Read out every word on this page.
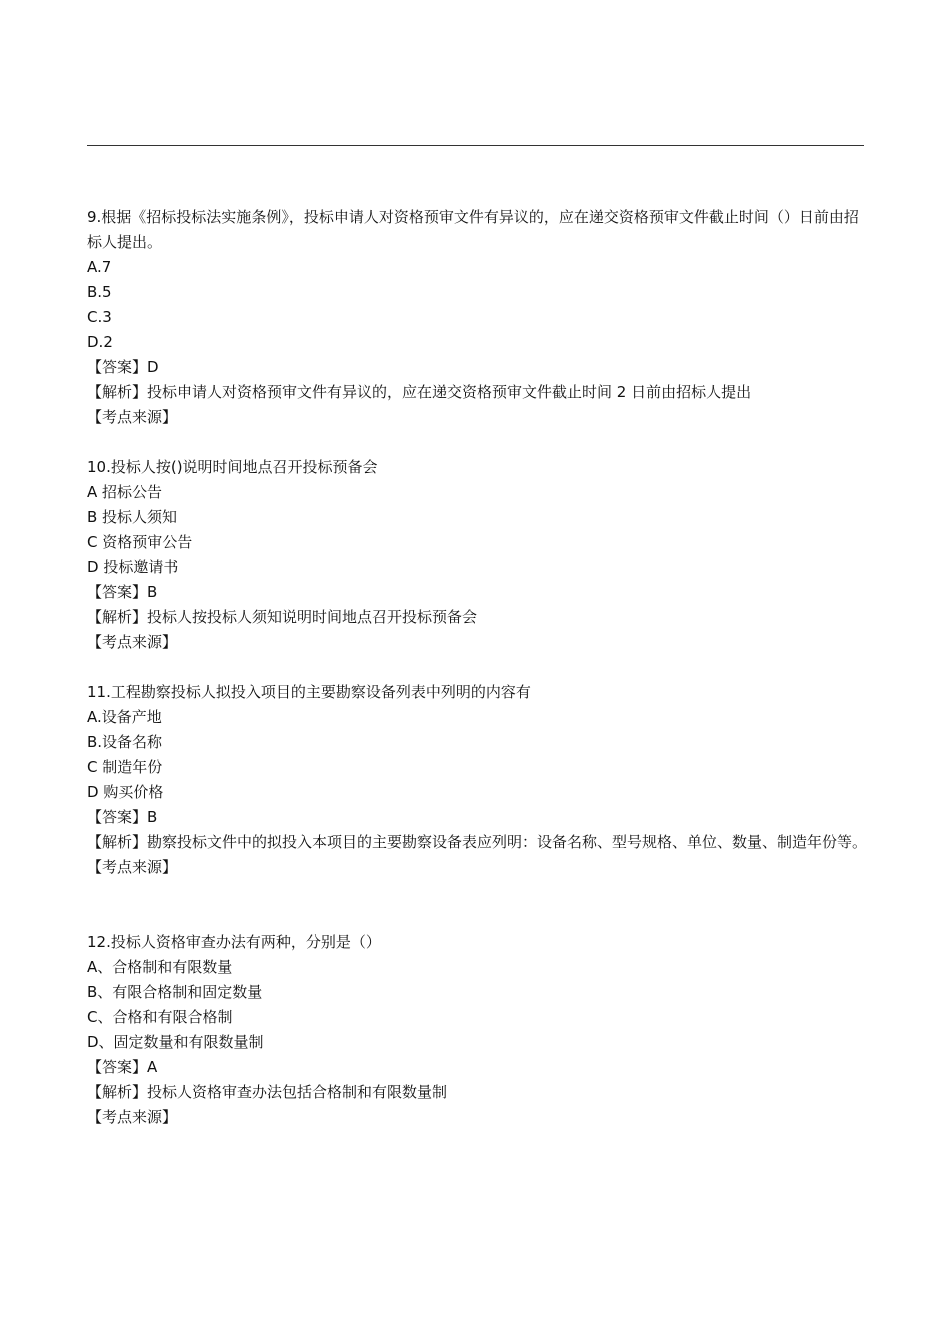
9.根据《招标投标法实施条例》，投标申请人对资格预审文件有异议的，应在递交资格预审文件截止时间（）日前由招标人提出。
A.7
B.5
C.3
D.2
【答案】D
【解析】投标申请人对资格预审文件有异议的，应在递交资格预审文件截止时间 2 日前由招标人提出
【考点来源】
10.投标人按()说明时间地点召开投标预备会
A 招标公告
B 投标人须知
C 资格预审公告
D 投标邀请书
【答案】B
【解析】投标人按投标人须知说明时间地点召开投标预备会
【考点来源】
11.工程勘察投标人拟投入项目的主要勘察设备列表中列明的内容有
A.设备产地
B.设备名称
C 制造年份
D 购买价格
【答案】B
【解析】勘察投标文件中的拟投入本项目的主要勘察设备表应列明：设备名称、型号规格、单位、数量、制造年份等。
【考点来源】
12.投标人资格审查办法有两种，分别是（）
A、合格制和有限数量
B、有限合格制和固定数量
C、合格和有限合格制
D、固定数量和有限数量制
【答案】A
【解析】投标人资格审查办法包括合格制和有限数量制
【考点来源】
